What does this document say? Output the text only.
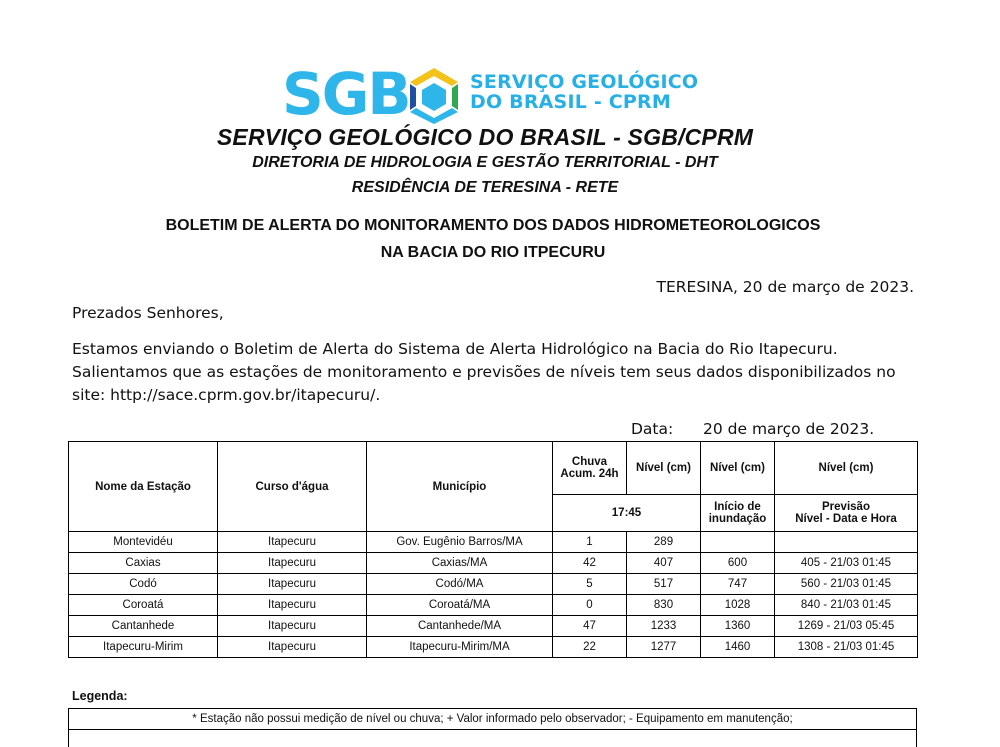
SGB	SERVIÇO GEOLÓGICO
DO BRASIL - CPRM
SERVIÇO GEOLÓGICO DO BRASIL - SGB/CPRM
DIRETORIA DE HIDROLOGIA E GESTÃO TERRITORIAL - DHT
RESIDÊNCIA DE TERESINA - RETE
BOLETIM DE ALERTA DO MONITORAMENTO DOS DADOS HIDROMETEOROLOGICOS
NA BACIA DO RIO ITPECURU
TERESINA, 20 de março de 2023.
Prezados Senhores,
Estamos enviando o Boletim de Alerta do Sistema de Alerta Hidrológico na Bacia do Rio Itapecuru.
Salientamos que as estações de monitoramento e previsões de níveis tem seus dados disponibilizados no
site: http://sace.cprm.gov.br/itapecuru/.
Data: 20 de março de 2023.
Nome da Estação	Curso d'água	Município	Chuva Acum. 24h	Nível (cm)	Nível (cm)	Nível (cm)
			17:45		Início de inundação	Previsão
Nível - Data e Hora

Montevidéu	Itapecuru	Gov. Eugênio Barros/MA	1	289		
Caxias	Itapecuru	Caxias/MA	42	407	600	405 - 21/03 01:45
Codó	Itapecuru	Codó/MA	5	517	747	560 - 21/03 01:45
Coroatá	Itapecuru	Coroatá/MA	0	830	1028	840 - 21/03 01:45
Cantanhede	Itapecuru	Cantanhede/MA	47	1233	1360	1269 - 21/03 05:45
Itapecuru-Mirim	Itapecuru	Itapecuru-Mirim/MA	22	1277	1460	1308 - 21/03 01:45
Legenda:
* Estação não possui medição de nível ou chuva; + Valor informado pelo observador; - Equipamento em manutenção;
